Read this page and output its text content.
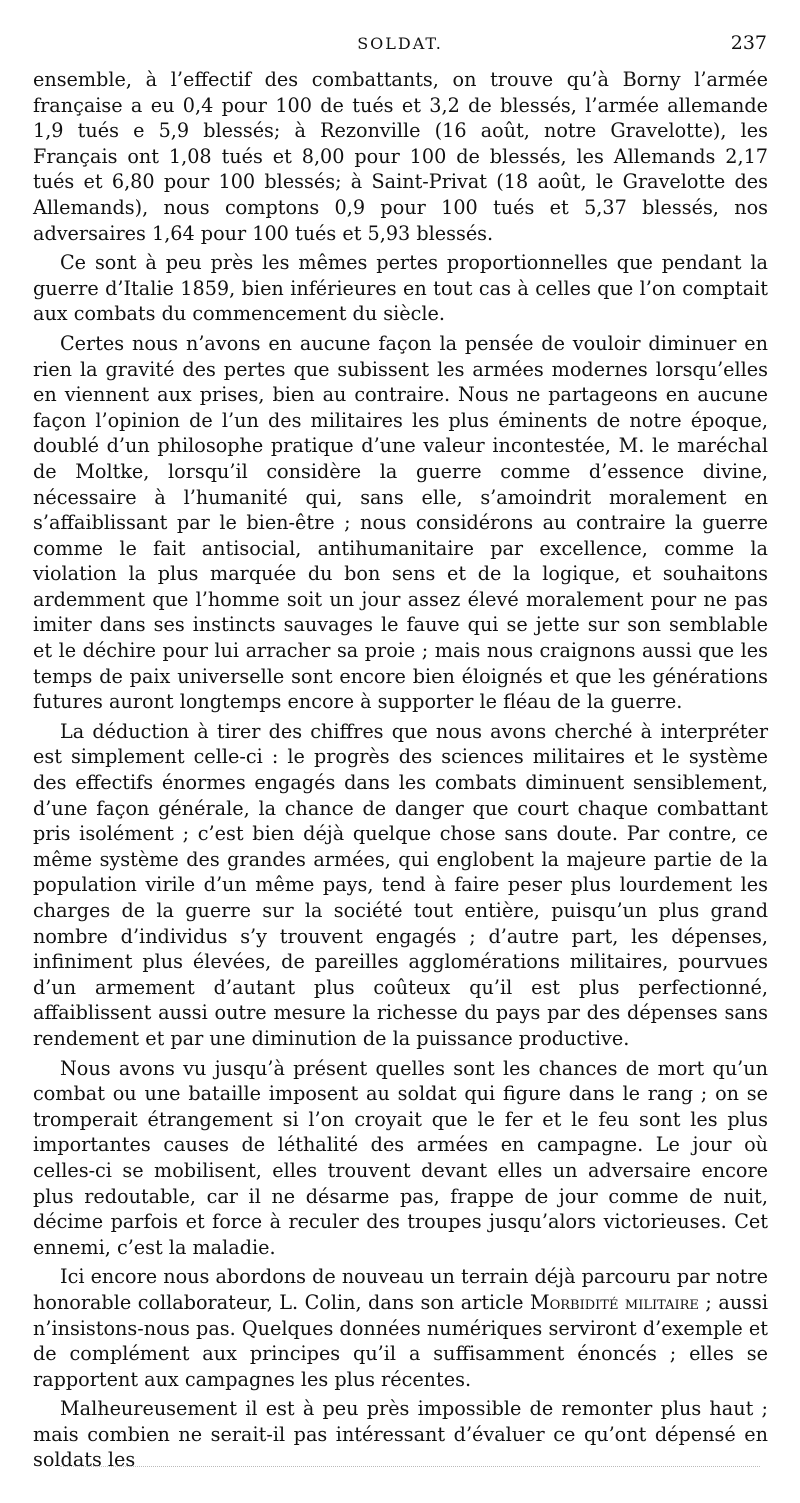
SOLDAT.	237

ensemble, à l’effectif des combattants, on trouve qu’à Borny l’armée française a eu 0,4 pour 100 de tués et 3,2 de blessés, l’armée allemande 1,9 tués e 5,9 blessés; à Rezonville (16 août, notre Gravelotte), les Français ont 1,08 tués et 8,00 pour 100 de blessés, les Allemands 2,17 tués et 6,80 pour 100 blessés; à Saint-Privat (18 août, le Gravelotte des Allemands), nous comptons 0,9 pour 100 tués et 5,37 blessés, nos adversaires 1,64 pour 100 tués et 5,93 blessés.

Ce sont à peu près les mêmes pertes proportionnelles que pendant la guerre d’Italie 1859, bien inférieures en tout cas à celles que l’on comptait aux combats du commencement du siècle.

Certes nous n’avons en aucune façon la pensée de vouloir diminuer en rien la gravité des pertes que subissent les armées modernes lorsqu’elles en viennent aux prises, bien au contraire. Nous ne partageons en aucune façon l’opinion de l’un des militaires les plus éminents de notre époque, doublé d’un philosophe pratique d’une valeur incontestée, M. le maréchal de Moltke, lorsqu’il considère la guerre comme d’essence divine, nécessaire à l’humanité qui, sans elle, s’amoindrit moralement en s’affaiblissant par le bien-être ; nous considérons au contraire la guerre comme le fait antisocial, antihumanitaire par excellence, comme la violation la plus marquée du bon sens et de la logique, et souhaitons ardemment que l’homme soit un jour assez élevé moralement pour ne pas imiter dans ses instincts sauvages le fauve qui se jette sur son semblable et le déchire pour lui arracher sa proie ; mais nous craignons aussi que les temps de paix universelle sont encore bien éloignés et que les générations futures auront longtemps encore à supporter le fléau de la guerre.

La déduction à tirer des chiffres que nous avons cherché à interpréter est simplement celle-ci : le progrès des sciences militaires et le système des effectifs énormes engagés dans les combats diminuent sensiblement, d’une façon générale, la chance de danger que court chaque combattant pris isolément ; c’est bien déjà quelque chose sans doute. Par contre, ce même système des grandes armées, qui englobent la majeure partie de la population virile d’un même pays, tend à faire peser plus lourdement les charges de la guerre sur la société tout entière, puisqu’un plus grand nombre d’individus s’y trouvent engagés ; d’autre part, les dépenses, infiniment plus élevées, de pareilles agglomérations militaires, pourvues d’un armement d’autant plus coûteux qu’il est plus perfectionné, affaiblissent aussi outre mesure la richesse du pays par des dépenses sans rendement et par une diminution de la puissance productive.

Nous avons vu jusqu’à présent quelles sont les chances de mort qu’un combat ou une bataille imposent au soldat qui figure dans le rang ; on se tromperait étrangement si l’on croyait que le fer et le feu sont les plus importantes causes de léthalité des armées en campagne. Le jour où celles-ci se mobilisent, elles trouvent devant elles un adversaire encore plus redoutable, car il ne désarme pas, frappe de jour comme de nuit, décime parfois et force à reculer des troupes jusqu’alors victorieuses. Cet ennemi, c’est la maladie.

Ici encore nous abordons de nouveau un terrain déjà parcouru par notre honorable collaborateur, L. Colin, dans son article Morbidité militaire ; aussi n’insistons-nous pas. Quelques données numériques serviront d’exemple et de complément aux principes qu’il a suffisamment énoncés ; elles se rapportent aux campagnes les plus récentes.

Malheureusement il est à peu près impossible de remonter plus haut ; mais combien ne serait-il pas intéressant d’évaluer ce qu’ont dépensé en soldats les
